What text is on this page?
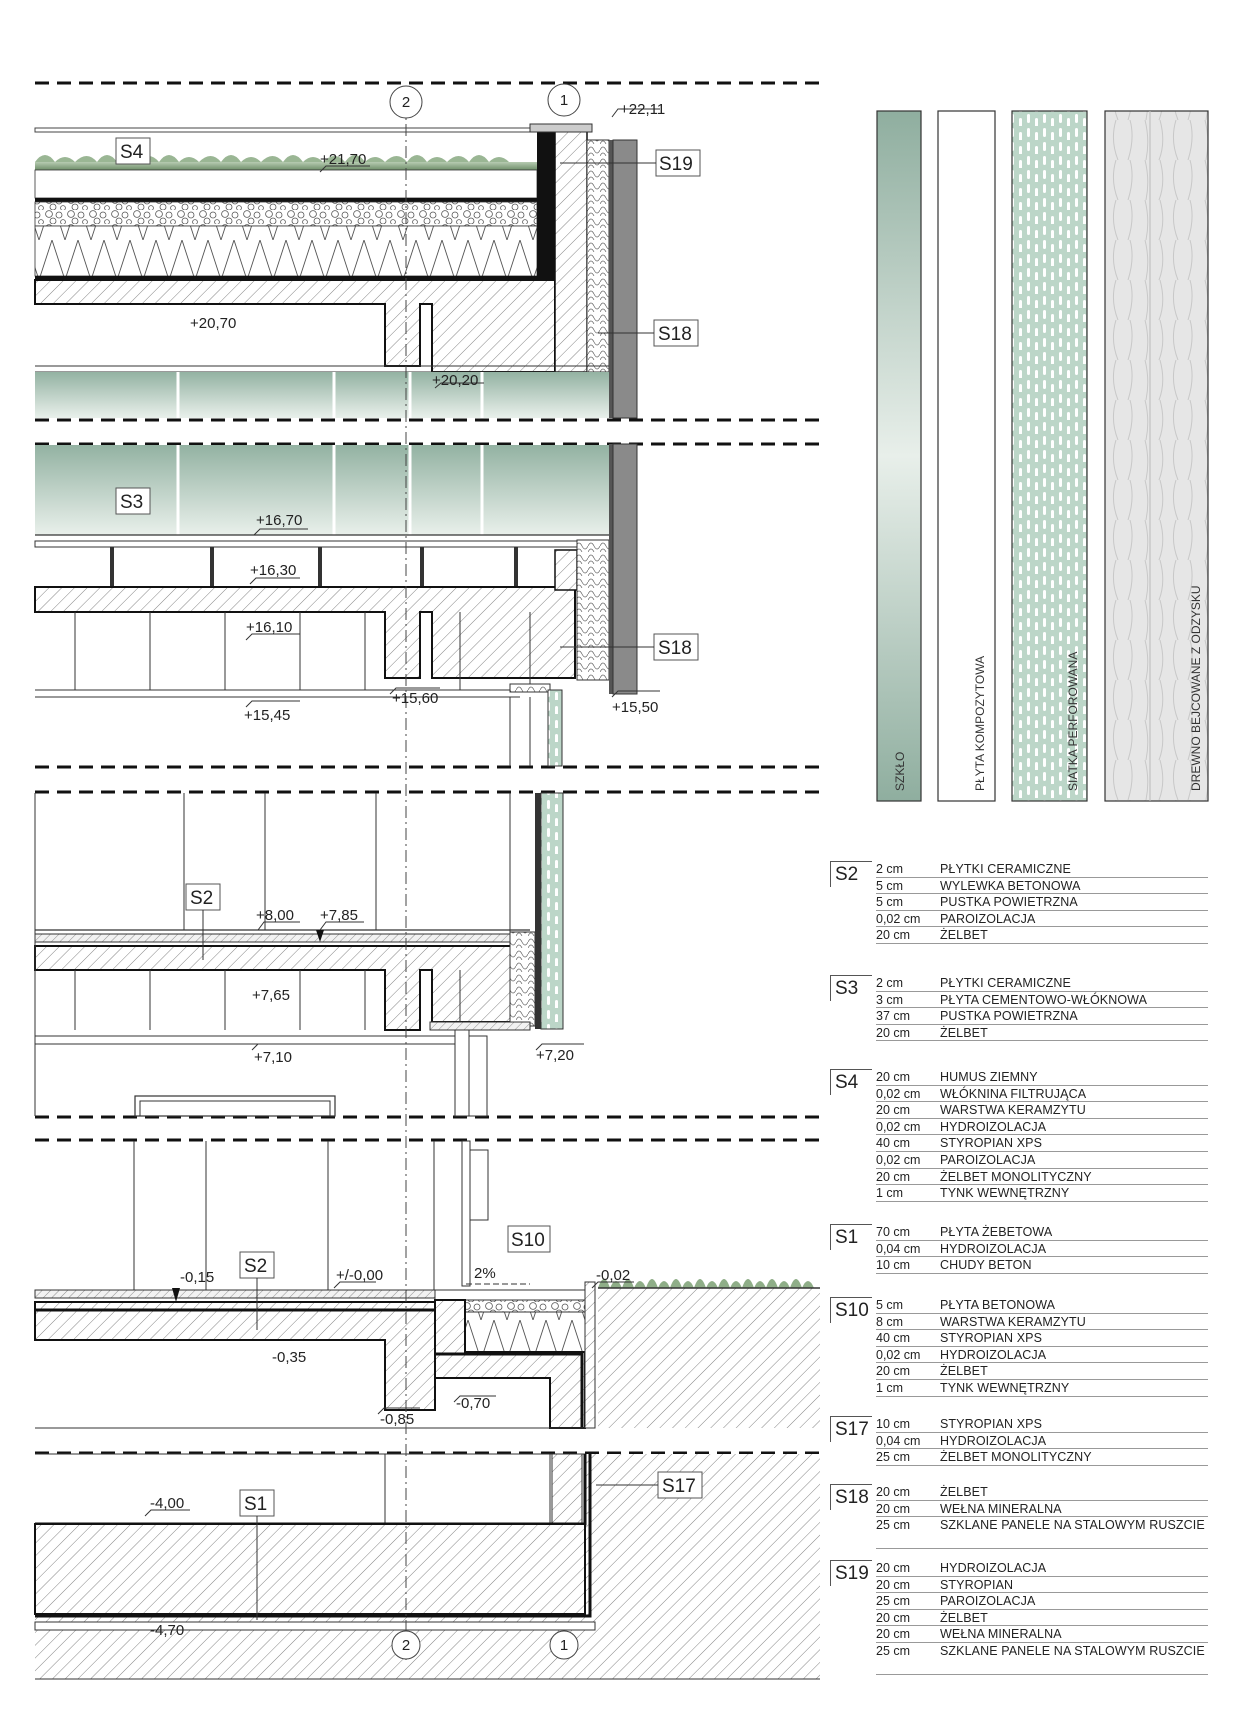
2	1
2	1
+22,11
+21,70
+20,70
+20,20
+16,70
+16,30
+16,10
+15,60
+15,45	+15,50
+8,00 +7,85
+7,65
+7,10	+7,20
-0,15	+/-0,00	-0,02
-0,35
-0,70
-0,85
-4,00
-4,70
2%
S4
S19
S18
S3
S18
S2
S2
S10
S17
S1
SZKŁO	PŁYTA KOMPOZYTOWA	SIATKA PERFOROWANA	DREWNO BEJCOWANE Z ODZYSKU
S2	2 cm	PŁYTKI CERAMICZNE
5 cm	WYLEWKA BETONOWA
5 cm	PUSTKA POWIETRZNA
0,02 cm	PAROIZOLACJA
20 cm	ŻELBET
S3	2 cm	PŁYTKI CERAMICZNE
3 cm	PŁYTA CEMENTOWO-WŁÓKNOWA
37 cm	PUSTKA POWIETRZNA
20 cm	ŻELBET
S4	20 cm	HUMUS ZIEMNY
0,02 cm	WŁÓKNINA FILTRUJĄCA
20 cm	WARSTWA KERAMZYTU
0,02 cm	HYDROIZOLACJA
40 cm	STYROPIAN XPS
0,02 cm	PAROIZOLACJA
20 cm	ŻELBET MONOLITYCZNY
1 cm	TYNK WEWNĘTRZNY
S1	70 cm	PŁYTA ŻEBETOWA
0,04 cm	HYDROIZOLACJA
10 cm	CHUDY BETON
S10 5 cm	PŁYTA BETONOWA
8 cm	WARSTWA KERAMZYTU
40 cm	STYROPIAN XPS
0,02 cm	HYDROIZOLACJA
20 cm	ŻELBET
1 cm	TYNK WEWNĘTRZNY
S17 10 cm	STYROPIAN XPS
0,04 cm	HYDROIZOLACJA
25 cm	ŻELBET MONOLITYCZNY
S18 20 cm	ŻELBET
20 cm	WEŁNA MINERALNA
25 cm	SZKLANE PANELE NA STALOWYM RUSZCIE
S19 20 cm	HYDROIZOLACJA
20 cm	STYROPIAN
25 cm	PAROIZOLACJA
20 cm	ŻELBET
20 cm	WEŁNA MINERALNA
25 cm	SZKLANE PANELE NA STALOWYM RUSZCIE
